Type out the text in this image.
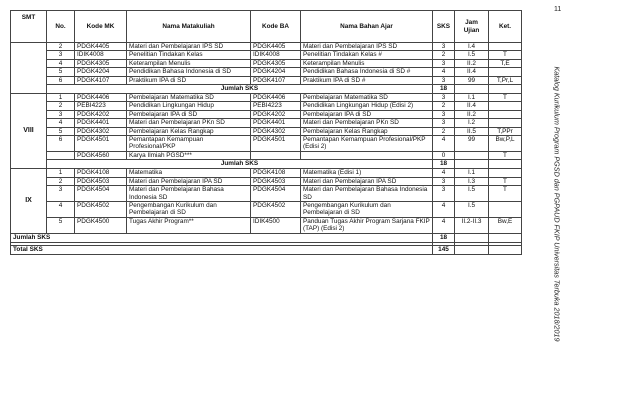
SMT	No.	Kode MK	Nama Matakuliah	Kode BA	Nama Bahan Ajar	SKS	Jam Ujian	Ket.
	2	PDGK4405	Materi dan Pembelajaran IPS SD	PDGK4405	Materi dan Pembelajaran IPS SD	3	I.4	
	3	IDIK4008	Penelitian Tindakan Kelas	IDIK4008	Penelitian Tindakan Kelas #	2	I.5	T
	4	PDGK4305	Keterampilan Menulis	PDGK4305	Keterampilan Menulis	3	II.2	T,E
	5	PDGK4204	Pendidikan Bahasa Indonesia di SD	PDGK4204	Pendidikan Bahasa Indonesia di SD #	4	II.4	
	6	PDGK4107	Praktikum IPA di SD	PDGK4107	Praktikum IPA di SD #	3	99	T,Pr,L
	Jumlah SKS					18		
VIII	1	PDGK4406	Pembelajaran Matematika SD	PDGK4406	Pembelajaran Matematika SD	3	I.1	T
	2	PEBI4223	Pendidikan Lingkungan Hidup	PEBI4223	Pendidikan Lingkungan Hidup (Edisi 2)	2	II.4	
	3	PDGK4202	Pembelajaran IPA di SD	PDGK4202	Pembelajaran IPA di SD	3	II.2	
	4	PDGK4401	Materi dan Pembelajaran PKn SD	PDGK4401	Materi dan Pembelajaran PKn SD	3	I.2	
	5	PDGK4302	Pembelajaran Kelas Rangkap	PDGK4302	Pembelajaran Kelas Rangkap	2	II.5	T,PPr
	6	PDGK4501	Pemantapan Kemampuan Profesional/PKP	PDGK4501	Pemantapan Kemampuan Profesional/PKP (Edisi 2)	4	99	Bw,P,L
		PDGK4560	Karya Ilmiah PGSD***			0		T
	Jumlah SKS					18		
IX	1	PDGK4108	Matematika	PDGK4108	Matematika (Edisi 1)	4	I.1	
	2	PDGK4503	Materi dan Pembelajaran IPA SD	PDGK4503	Materi dan Pembelajaran IPA SD	3	I.3	T
	3	PDGK4504	Materi dan Pembelajaran Bahasa Indonesia SD	PDGK4504	Materi dan Pembelajaran Bahasa Indonesia SD	3	I.5	T
	4	PDGK4502	Pengembangan Kurikulum dan Pembelajaran di SD	PDGK4502	Pengembangan Kurikulum dan Pembelajaran di SD	4	I.5	
	5	PDGK4500	Tugas Akhir Program**	IDIK4500	Panduan Tugas Akhir Program Sarjana FKIP (TAP) (Edisi 2)	4	II.2-II.3	Bw,E
Jumlah SKS						18		

Total SKS						145		
11
Katalog Kurikulum Program PGSD dan PGPAUD FKIP Universitas Terbuka 2018/2019
